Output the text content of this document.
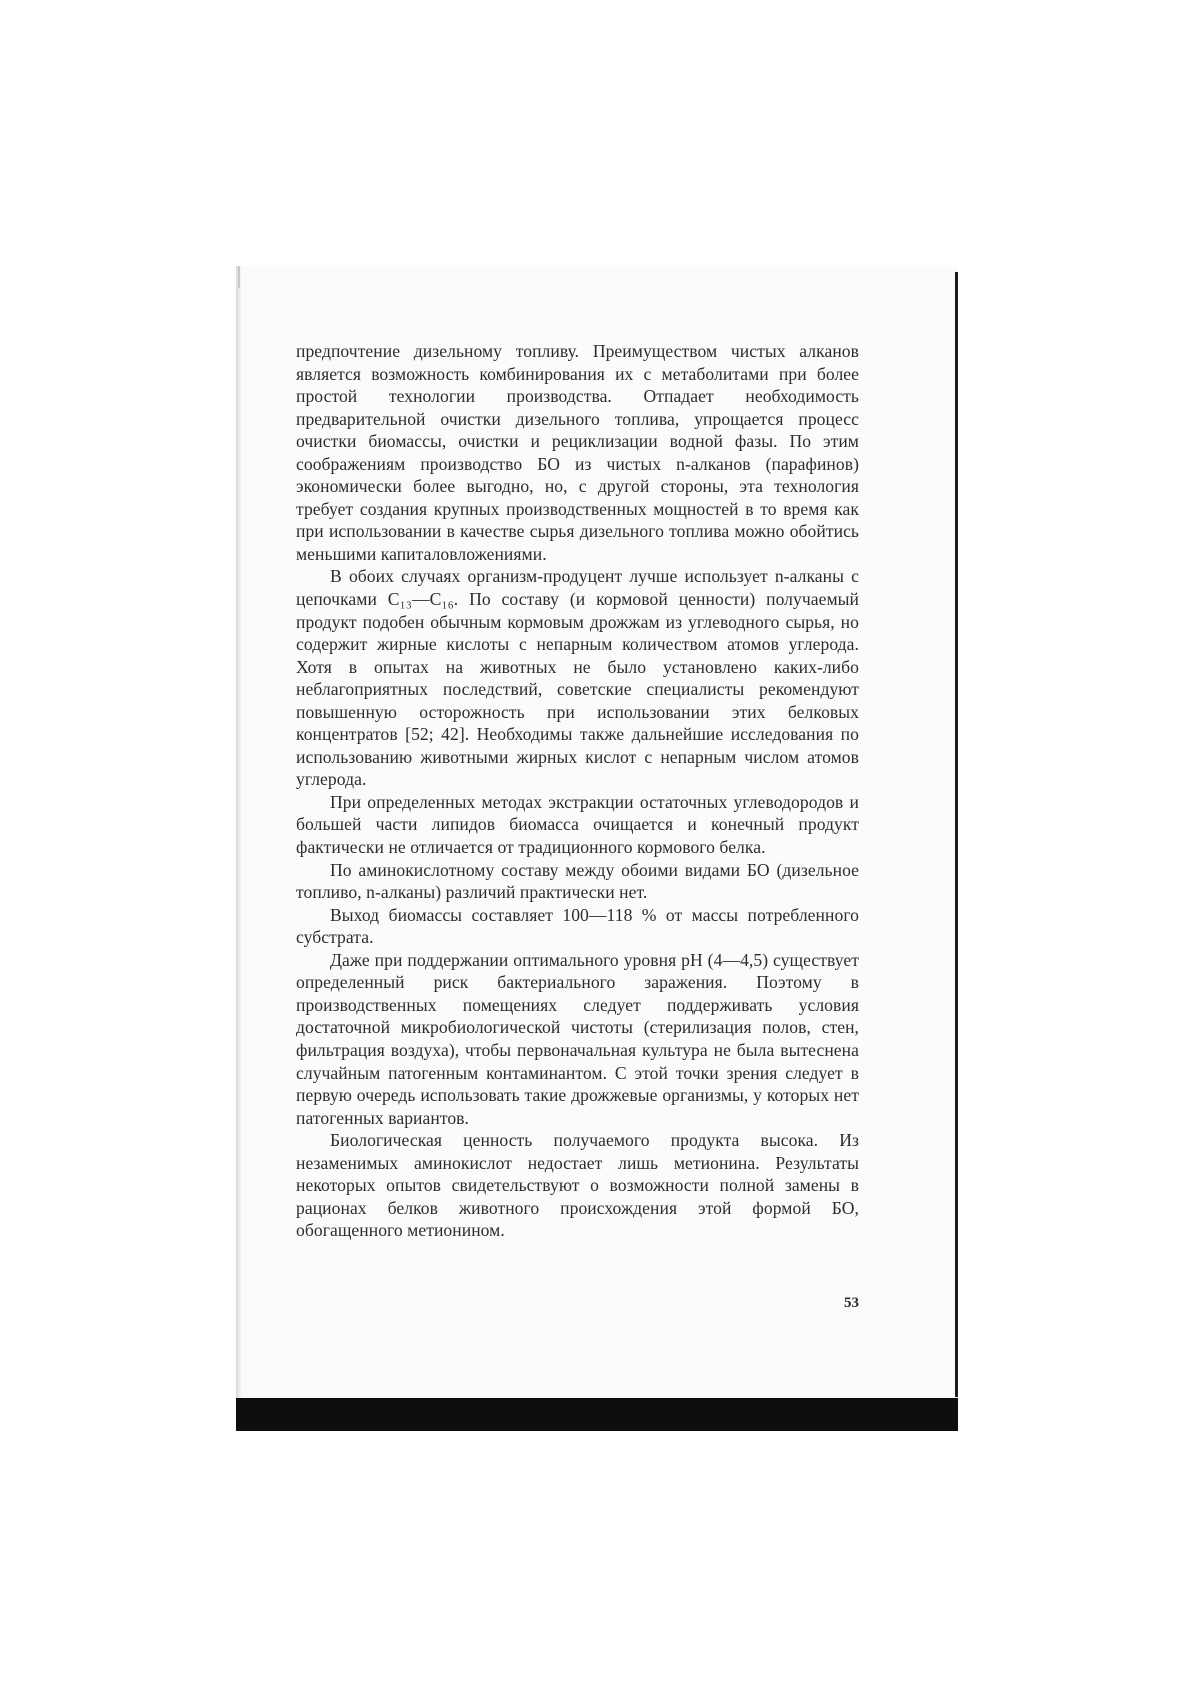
предпочтение дизельному топливу. Преимуществом чистых алканов является возможность комбинирования их с метаболитами при более простой технологии производства. Отпадает необходимость предварительной очистки дизельного топлива, упрощается процесс очистки биомассы, очистки и рециклизации водной фазы. По этим соображениям производство БО из чистых n-алканов (парафинов) экономически более выгодно, но, с другой стороны, эта технология требует создания крупных производственных мощностей в то время как при использовании в качестве сырья дизельного топлива можно обойтись меньшими капиталовложениями.

В обоих случаях организм-продуцент лучше использует n-алканы с цепочками C₁₃—C₁₆. По составу (и кормовой ценности) получаемый продукт подобен обычным кормовым дрожжам из углеводного сырья, но содержит жирные кислоты с непарным количеством атомов углерода. Хотя в опытах на животных не было установлено каких-либо неблагоприятных последствий, советские специалисты рекомендуют повышенную осторожность при использовании этих белковых концентратов [52; 42]. Необходимы также дальнейшие исследования по использованию животными жирных кислот с непарным числом атомов углерода.

При определенных методах экстракции остаточных углеводородов и большей части липидов биомасса очищается и конечный продукт фактически не отличается от традиционного кормового белка.

По аминокислотному составу между обоими видами БО (дизельное топливо, n-алканы) различий практически нет.

Выход биомассы составляет 100—118 % от массы потребленного субстрата.

Даже при поддержании оптимального уровня pH (4—4,5) существует определенный риск бактериального заражения. Поэтому в производственных помещениях следует поддерживать условия достаточной микробиологической чистоты (стерилизация полов, стен, фильтрация воздуха), чтобы первоначальная культура не была вытеснена случайным патогенным контаминантом. С этой точки зрения следует в первую очередь использовать такие дрожжевые организмы, у которых нет патогенных вариантов.

Биологическая ценность получаемого продукта высока. Из незаменимых аминокислот недостает лишь метионина. Результаты некоторых опытов свидетельствуют о возможности полной замены в рационах белков животного происхождения этой формой БО, обогащенного метионином.

53
